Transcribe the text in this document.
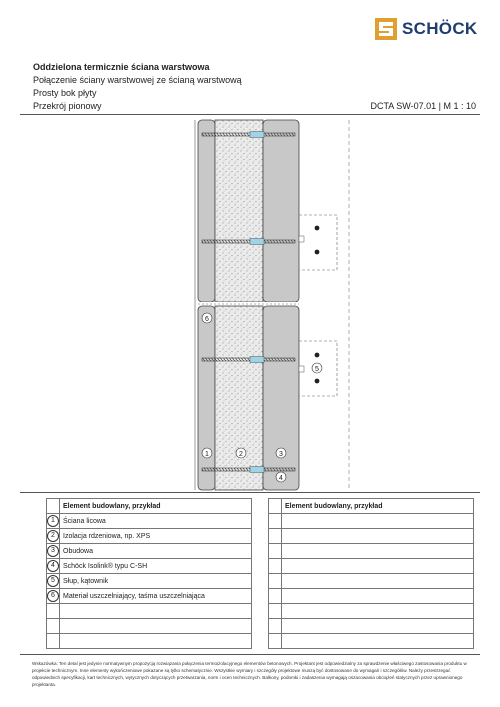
SCHÖCK
Oddzielona termicznie ściana warstwowa
Połączenie ściany warstwowej ze ścianą warstwową
Prosty bok płyty
Przekrój pionowy	DCTA SW-07.01 | M 1 : 10
6
5
1	2	3
4
	Element budowlany, przykład
1	Ściana licowa
2	Izolacja rdzeniowa, np. XPS
3	Obudowa
4	Schöck Isolink® typu C-SH
5	Słup, kątownik
6	Materiał uszczelniający, taśma uszczelniająca

	Element budowlany, przykład

Wskazówka: Ten detal jest jedynie normatywnym propozycją rozwiązania połączenia termoizolacyjnego elementów betonowych. Projektant jest odpowiedzialny za sprawdzenie właściwego zastosowania produktu w projekcie technicznym. Inne elementy wykończeniowe pokazane są tylko schematycznie. Wszystkie wymiary i szczegóły projektowe muszą być dostosowane do wymagań i szczegółów. Należy przestrzegać odpowiednich specyfikacji, kart technicznych, wytycznych dotyczących przetwarzania, norm i ocen technicznych. Balkony, podomki i zadaszenia wymagają oszacowania obciążeń statycznych przez uprawnionego projektanta.
